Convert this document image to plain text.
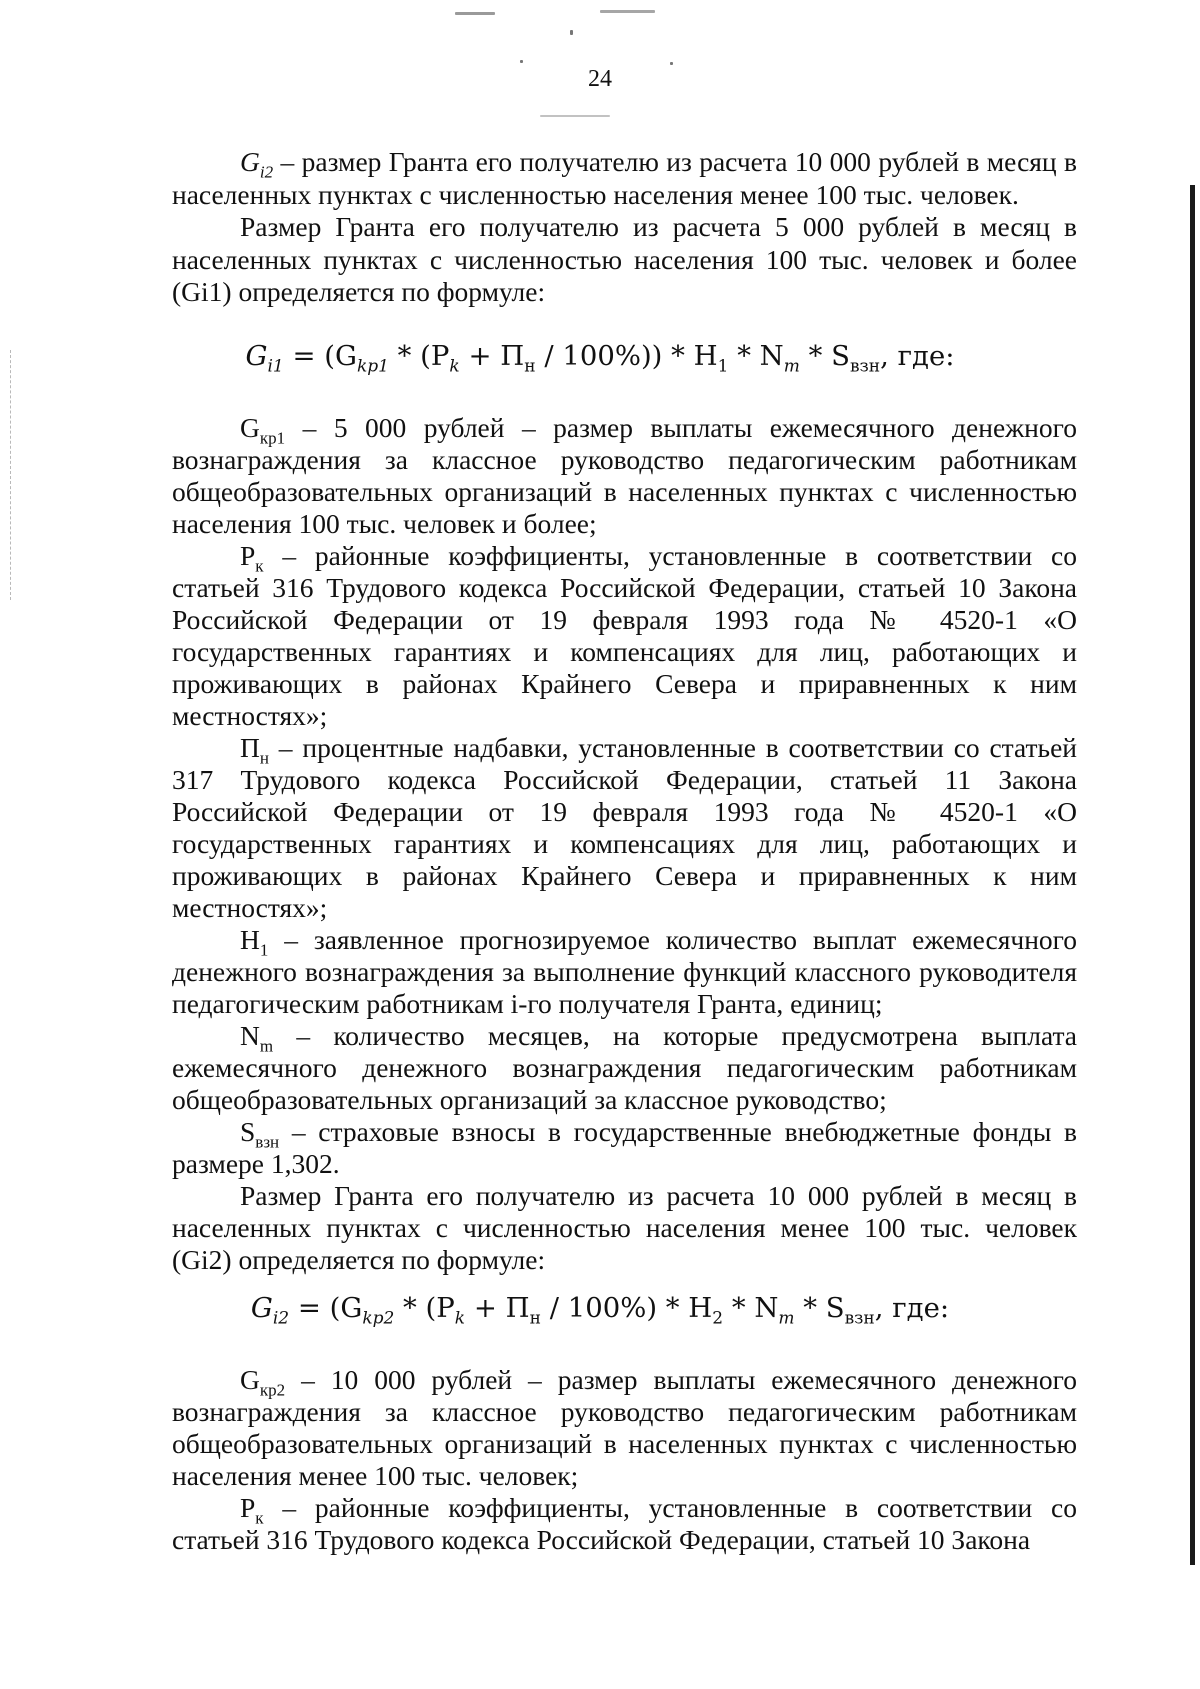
24

$G_{i2}$ – размер Гранта его получателю из расчета 10 000 рублей в месяц в населенных пунктах с численностью населения менее 100 тыс. человек.

Размер Гранта его получателю из расчета 5 000 рублей в месяц в населенных пунктах с численностью населения 100 тыс. человек и более (Gi1) определяется по формуле:

$G_{i1} = (G_{kp1} * (P_k + П_н / 100\%)) * H_1 * N_m * S_{взн}$, где:

$G_{кр1} - 5$ 000 рублей – размер выплаты ежемесячного денежного вознаграждения за классное руководство педагогическим работникам общеобразовательных организаций в населенных пунктах с численностью населения 100 тыс. человек и более;

$Р_к$ – районные коэффициенты, установленные в соответствии со статьей 316 Трудового кодекса Российской Федерации, статьей 10 Закона Российской Федерации от 19 февраля 1993 года № 4520-1 «О государственных гарантиях и компенсациях для лиц, работающих и проживающих в районах Крайнего Севера и приравненных к ним местностях»;

$П_н$ – процентные надбавки, установленные в соответствии со статьей 317 Трудового кодекса Российской Федерации, статьей 11 Закона Российской Федерации от 19 февраля 1993 года № 4520-1 «О государственных гарантиях и компенсациях для лиц, работающих и проживающих в районах Крайнего Севера и приравненных к ним местностях»;

$Н_1$ – заявленное прогнозируемое количество выплат ежемесячного денежного вознаграждения за выполнение функций классного руководителя педагогическим работникам i-го получателя Гранта, единиц;

$N_m$ – количество месяцев, на которые предусмотрена выплата ежемесячного денежного вознаграждения педагогическим работникам общеобразовательных организаций за классное руководство;

$S_{взн}$ – страховые взносы в государственные внебюджетные фонды в размере 1,302.

Размер Гранта его получателю из расчета 10 000 рублей в месяц в населенных пунктах с численностью населения менее 100 тыс. человек (Gi2) определяется по формуле:

$G_{i2} = (G_{kp2} * (P_k + П_н / 100\%) * H_2 * N_m * S_{взн}$, где:

$G_{кр2} - 10$ 000 рублей – размер выплаты ежемесячного денежного вознаграждения за классное руководство педагогическим работникам общеобразовательных организаций в населенных пунктах с численностью населения менее 100 тыс. человек;

$Р_к$ – районные коэффициенты, установленные в соответствии со статьей 316 Трудового кодекса Российской Федерации, статьей 10 Закона
